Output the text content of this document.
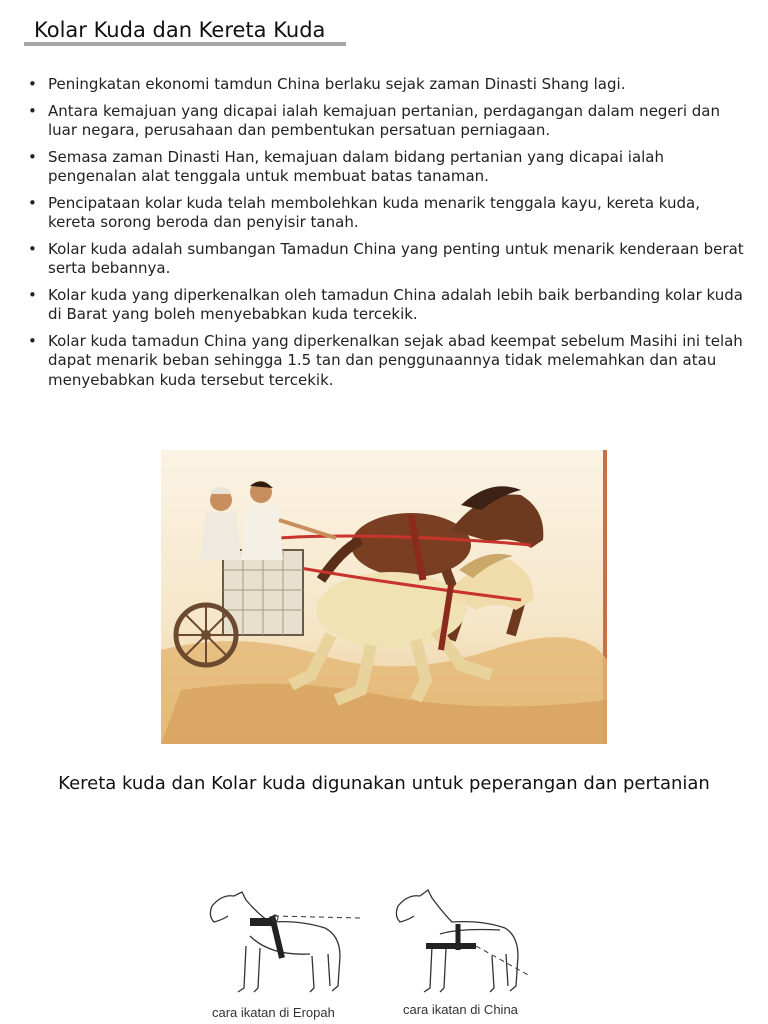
Kolar Kuda dan Kereta Kuda
• Peningkatan ekonomi tamdun China berlaku sejak zaman Dinasti Shang lagi.
• Antara kemajuan yang dicapai ialah kemajuan pertanian, perdagangan dalam negeri dan luar negara, perusahaan dan pembentukan persatuan perniagaan.
• Semasa zaman Dinasti Han, kemajuan dalam bidang pertanian yang dicapai ialah pengenalan alat tenggala untuk membuat batas tanaman.
• Pencipataan kolar kuda telah membolehkan kuda menarik tenggala kayu, kereta kuda, kereta sorong beroda dan penyisir tanah.
• Kolar kuda adalah sumbangan Tamadun China yang penting untuk menarik kenderaan berat serta bebannya.
• Kolar kuda yang diperkenalkan oleh tamadun China adalah lebih baik berbanding kolar kuda di Barat yang boleh menyebabkan kuda tercekik.
• Kolar kuda tamadun China yang diperkenalkan sejak abad keempat sebelum Masihi ini telah dapat menarik beban sehingga 1.5 tan dan penggunaannya tidak melemahkan dan atau menyebabkan kuda tersebut tercekik.

Kereta kuda dan Kolar kuda digunakan untuk peperangan dan pertanian

cara ikatan di Eropah	cara ikatan di China
